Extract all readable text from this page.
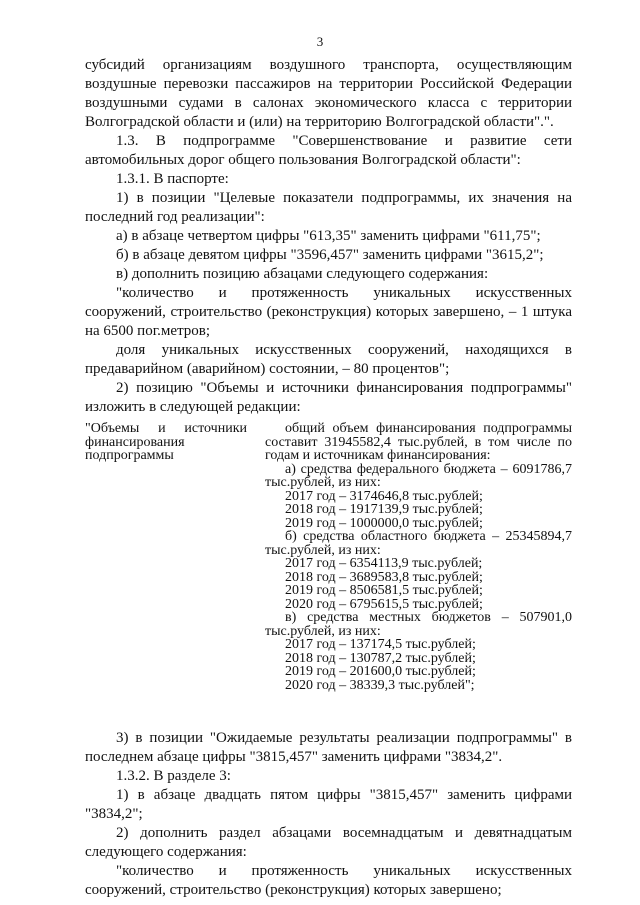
3

субсидий организациям воздушного транспорта, осуществляющим воздушные перевозки пассажиров на территории Российской Федерации воздушными судами в салонах экономического класса с территории Волгоградской области и (или) на территорию Волгоградской области".".

1.3. В подпрограмме "Совершенствование и развитие сети автомобильных дорог общего пользования Волгоградской области":

1.3.1. В паспорте:

1) в позиции "Целевые показатели подпрограммы, их значения на последний год реализации":

а) в абзаце четвертом цифры "613,35" заменить цифрами "611,75";

б) в абзаце девятом цифры "3596,457" заменить цифрами "3615,2";

в) дополнить позицию абзацами следующего содержания:

"количество и протяженность уникальных искусственных сооружений, строительство (реконструкция) которых завершено, – 1 штука на 6500 пог.метров;

доля уникальных искусственных сооружений, находящихся в предаварийном (аварийном) состоянии, – 80 процентов";

2) позицию "Объемы и источники финансирования подпрограммы" изложить в следующей редакции:

"Объемы и источники финансирования подпрограммы

общий объем финансирования подпрограммы составит 31945582,4 тыс.рублей, в том числе по годам и источникам финансирования:

а) средства федерального бюджета – 6091786,7 тыс.рублей, из них:

2017 год – 3174646,8 тыс.рублей;

2018 год – 1917139,9 тыс.рублей;

2019 год – 1000000,0 тыс.рублей;

б) средства областного бюджета – 25345894,7 тыс.рублей, из них:

2017 год – 6354113,9 тыс.рублей;

2018 год – 3689583,8 тыс.рублей;

2019 год – 8506581,5 тыс.рублей;

2020 год – 6795615,5 тыс.рублей;

в) средства местных бюджетов – 507901,0 тыс.рублей, из них:

2017 год – 137174,5 тыс.рублей;

2018 год – 130787,2 тыс.рублей;

2019 год – 201600,0 тыс.рублей;

2020 год – 38339,3 тыс.рублей";

3) в позиции "Ожидаемые результаты реализации подпрограммы" в последнем абзаце цифры "3815,457" заменить цифрами "3834,2".

1.3.2. В разделе 3:

1) в абзаце двадцать пятом цифры "3815,457" заменить цифрами "3834,2";

2) дополнить раздел абзацами восемнадцатым и девятнадцатым следующего содержания:

"количество и протяженность уникальных искусственных сооружений, строительство (реконструкция) которых завершено;
